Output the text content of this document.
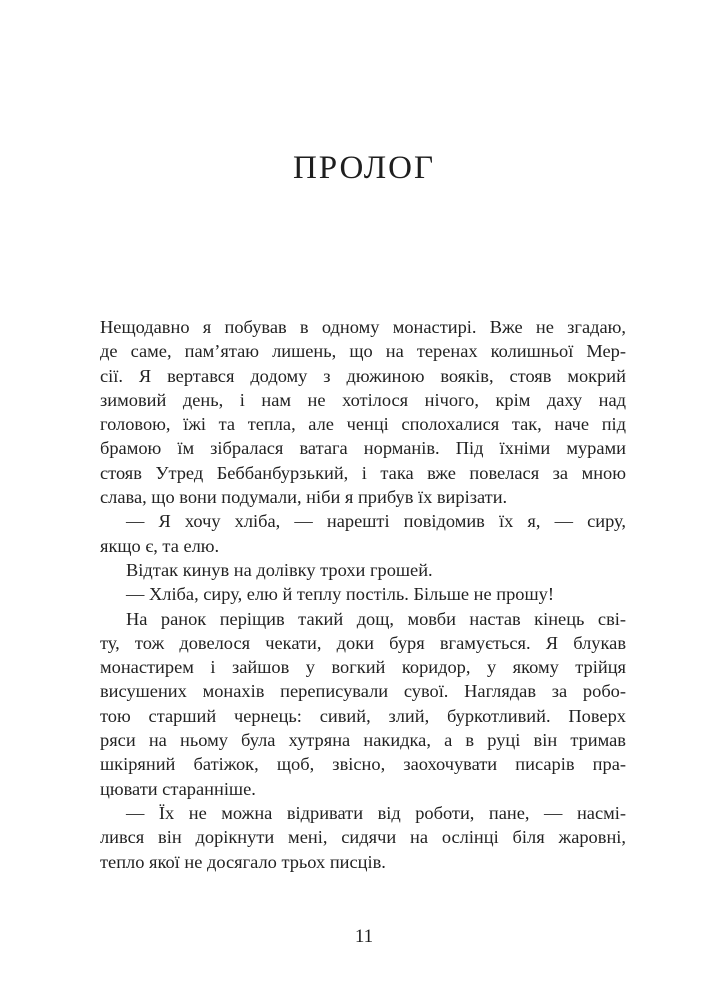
ПРОЛОГ
Нещодавно я побував в одному монастирі. Вже не згадаю,
де саме, пам’ятаю лишень, що на теренах колишньої Мер-
сії. Я вертався додому з дюжиною вояків, стояв мокрий
зимовий день, і нам не хотілося нічого, крім даху над
головою, їжі та тепла, але ченці сполохалися так, наче під
брамою їм зібралася ватага норманів. Під їхніми мурами
стояв Утред Беббанбурзький, і така вже повелася за мною
слава, що вони подумали, ніби я прибув їх вирізати.
— Я хочу хліба, — нарешті повідомив їх я, — сиру,
якщо є, та елю.
Відтак кинув на долівку трохи грошей.
— Хліба, сиру, елю й теплу постіль. Більше не прошу!
На ранок періщив такий дощ, мовби настав кінець сві-
ту, тож довелося чекати, доки буря вгамується. Я блукав
монастирем і зайшов у вогкий коридор, у якому трійця
висушених монахів переписували сувої. Наглядав за робо-
тою старший чернець: сивий, злий, буркотливий. Поверх
ряси на ньому була хутряна накидка, а в руці він тримав
шкіряний батіжок, щоб, звісно, заохочувати писарів пра-
цювати старанніше.
— Їх не можна відривати від роботи, пане, — насмі-
лився він дорікнути мені, сидячи на ослінці біля жаровні,
тепло якої не досягало трьох писців.
11
